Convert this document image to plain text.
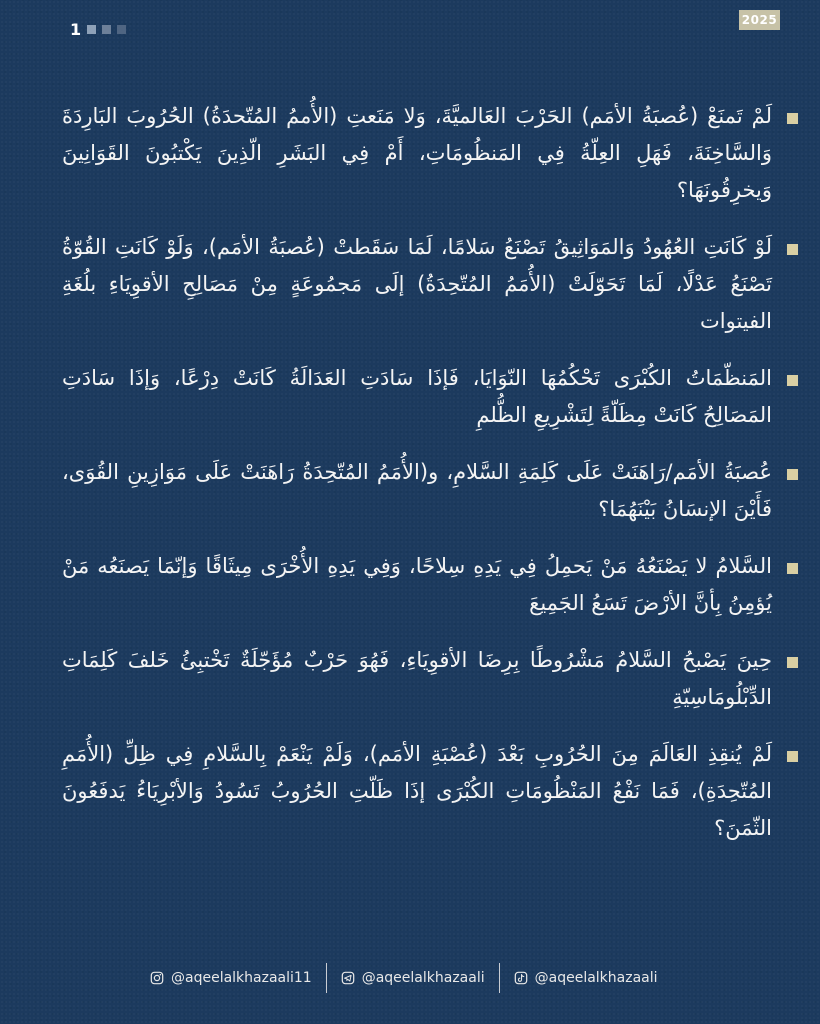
1	2025
لَمْ تَمنَعْ (عُصبَةُ الأمَم) الحَرْبَ العَالميَّةَ، وَلا مَنَعتِ (الأُممُ المُتّحدَةُ) الحُرُوبَ البَارِدَةَ وَالسَّاخِنَةَ، فَهَلِ العِلّةُ فِي المَنظُومَاتِ، أَمْ فِي البَشَرِ الّذِينَ يَكْتبُونَ القَوَانِينَ وَيخرِقُونَهَا؟
لَوْ كَانَتِ العُهُودُ وَالمَوَاثِيقُ تَصْنَعُ سَلامًا، لَمَا سَقَطتْ (عُصبَةُ الأمَم)، وَلَوْ كَانَتِ القُوّةُ تَصْنَعُ عَدْلًا، لَمَا تَحَوّلَتْ (الأُمَمُ المُتّحِدَةُ) إلَى مَجمُوعَةٍ مِنْ مَصَالِحِ الأقوِيَاءِ بلُغَةِ الفيتوات
المَنظّمَاتُ الكُبْرَى تَحْكُمُهَا النّوَايَا، فَإذَا سَادَتِ العَدَالَةُ كَانَتْ دِرْعًا، وَإذَا سَادَتِ المَصَالِحُ كَانَتْ مِظَلّةً لِتَشْرِيعِ الظُّلمِ
عُصبَةُ الأمَم/رَاهَنَتْ عَلَى كَلِمَةِ السَّلامِ، و(الأُمَمُ المُتّحِدَةُ رَاهَنَتْ عَلَى مَوَازِينِ القُوَى، فَأَيْنَ الإنسَانُ بَيْنَهُمَا؟
السَّلامُ لا يَصْنَعُهُ مَنْ يَحمِلُ فِي يَدِهِ سِلاحًا، وَفِي يَدِهِ الأُخْرَى مِيثَاقًا وَإنّمَا يَصنَعُه مَنْ يُؤمِنُ بِأنَّ الأرْضَ تَسَعُ الجَمِيعَ
حِينَ يَصْبحُ السَّلامُ مَشْرُوطًا بِرِضَا الأقوِيَاءِ، فَهُوَ حَرْبٌ مُؤَجّلَةٌ تَخْتبِئُ خَلفَ كَلِمَاتِ الدِّبْلُومَاسِيّةِ
لَمْ يُنقِذِ العَالَمَ مِنَ الحُرُوبِ بَعْدَ (عُصْبَةِ الأمَم)، وَلَمْ يَنْعَمْ بِالسَّلامِ فِي ظِلِّ (الأُمَمِ المُتّحِدَةِ)، فَمَا نَفْعُ المَنْظُومَاتِ الكُبْرَى إذَا ظَلّتِ الحُرُوبُ تَسُودُ وَالأبْرِيَاءُ يَدفَعُونَ الثّمَنَ؟
@aqeelalkhazaali11	@aqeelalkhazaali	@aqeelalkhazaali
